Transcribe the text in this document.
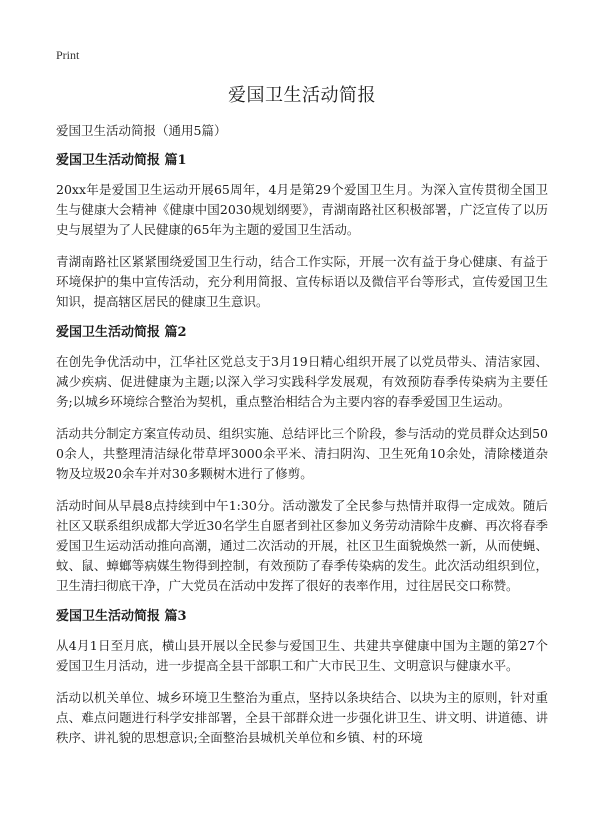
Print
爱国卫生活动简报
爱国卫生活动简报（通用5篇）
爱国卫生活动简报 篇1

20xx年是爱国卫生运动开展65周年，4月是第29个爱国卫生月。为深入宣传贯彻全国卫生与健康大会精神《健康中国2030规划纲要》，青湖南路社区积极部署，广泛宣传了以历史与展望为了人民健康的65年为主题的爱国卫生活动。

青湖南路社区紧紧围绕爱国卫生行动，结合工作实际，开展一次有益于身心健康、有益于环境保护的集中宣传活动，充分利用简报、宣传标语以及微信平台等形式，宣传爱国卫生知识，提高辖区居民的健康卫生意识。

爱国卫生活动简报 篇2

在创先争优活动中，江华社区党总支于3月19日精心组织开展了以党员带头、清洁家园、减少疾病、促进健康为主题;以深入学习实践科学发展观，有效预防春季传染病为主要任务;以城乡环境综合整治为契机，重点整治相结合为主要内容的春季爱国卫生运动。

活动共分制定方案宣传动员、组织实施、总结评比三个阶段，参与活动的党员群众达到500余人，共整理清洁绿化带草坪3000余平米、清扫阴沟、卫生死角10余处，清除楼道杂物及垃圾20余车并对30多颗树木进行了修剪。

活动时间从早晨8点持续到中午1:30分。活动激发了全民参与热情并取得一定成效。随后社区又联系组织成都大学近30名学生自愿者到社区参加义务劳动清除牛皮癣、再次将春季爱国卫生运动活动推向高潮，通过二次活动的开展，社区卫生面貌焕然一新，从而使蝇、蚊、鼠、蟑螂等病媒生物得到控制，有效预防了春季传染病的发生。此次活动组织到位，卫生清扫彻底干净，广大党员在活动中发挥了很好的表率作用，过往居民交口称赞。

爱国卫生活动简报 篇3

从4月1日至月底，横山县开展以全民参与爱国卫生、共建共享健康中国为主题的第27个爱国卫生月活动，进一步提高全县干部职工和广大市民卫生、文明意识与健康水平。

活动以机关单位、城乡环境卫生整治为重点，坚持以条块结合、以块为主的原则，针对重点、难点问题进行科学安排部署，全县干部群众进一步强化讲卫生、讲文明、讲道德、讲秩序、讲礼貌的思想意识;全面整治县城机关单位和乡镇、村的环境
